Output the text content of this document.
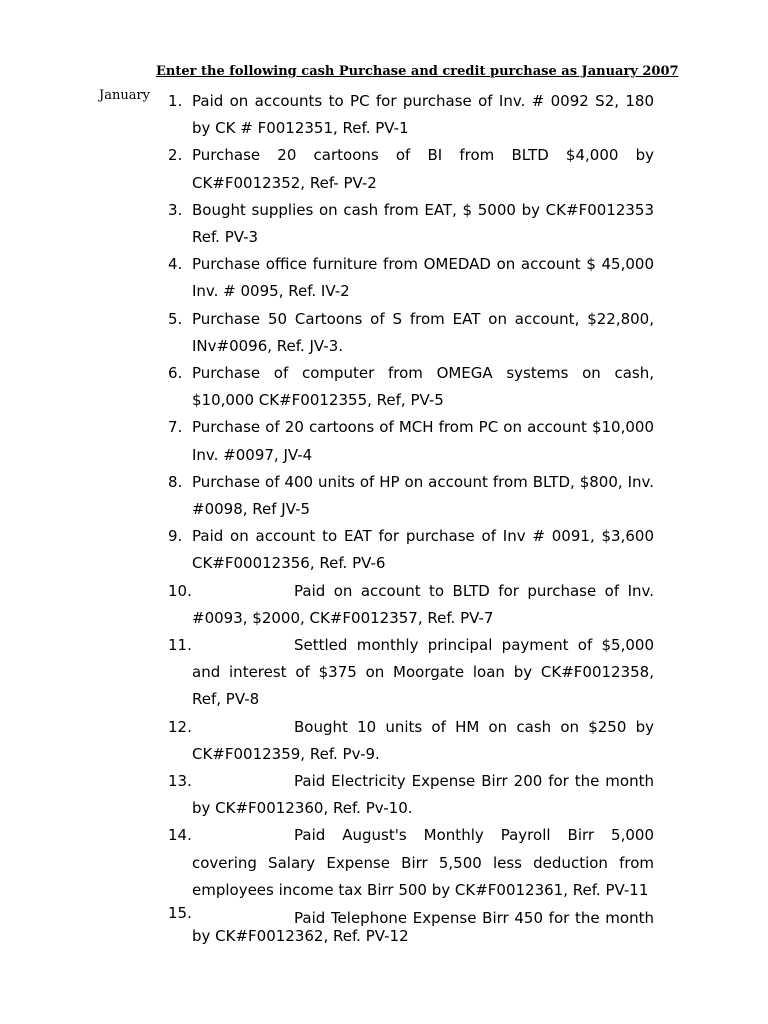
Enter the following cash Purchase and credit purchase as January 2007

January 1. Paid on accounts to PC for purchase of Inv. # 0092 S2, 180 by CK # F0012351, Ref. PV-1
2. Purchase 20 cartoons of BI from BLTD $4,000 by CK#F0012352, Ref- PV-2
3. Bought supplies on cash from EAT, $ 5000 by CK#F0012353 Ref. PV-3
4. Purchase office furniture from OMEDAD on account $ 45,000 Inv. # 0095, Ref. IV-2
5. Purchase 50 Cartoons of S from EAT on account, $22,800, INv#0096, Ref. JV-3.
6. Purchase of computer from OMEGA systems on cash, $10,000 CK#F0012355, Ref, PV-5
7. Purchase of 20 cartoons of MCH from PC on account $10,000 Inv. #0097, JV-4
8. Purchase of 400 units of HP on account from BLTD, $800, Inv. #0098, Ref JV-5
9. Paid on account to EAT for purchase of Inv # 0091, $3,600 CK#F00012356, Ref. PV-6
10.	Paid on account to BLTD for purchase of Inv. #0093, $2000, CK#F0012357, Ref. PV-7
11.	Settled monthly principal payment of $5,000 and interest of $375 on Moorgate loan by CK#F0012358, Ref, PV-8
12.	Bought 10 units of HM on cash on $250 by CK#F0012359, Ref. Pv-9.
13.	Paid Electricity Expense Birr 200 for the month by CK#F0012360, Ref. Pv-10.
14.	Paid August's Monthly Payroll Birr 5,000 covering Salary Expense Birr 5,500 less deduction from employees income tax Birr 500 by CK#F0012361, Ref. PV-11
15.	Paid Telephone Expense Birr 450 for the month by CK#F0012362, Ref. PV-12
